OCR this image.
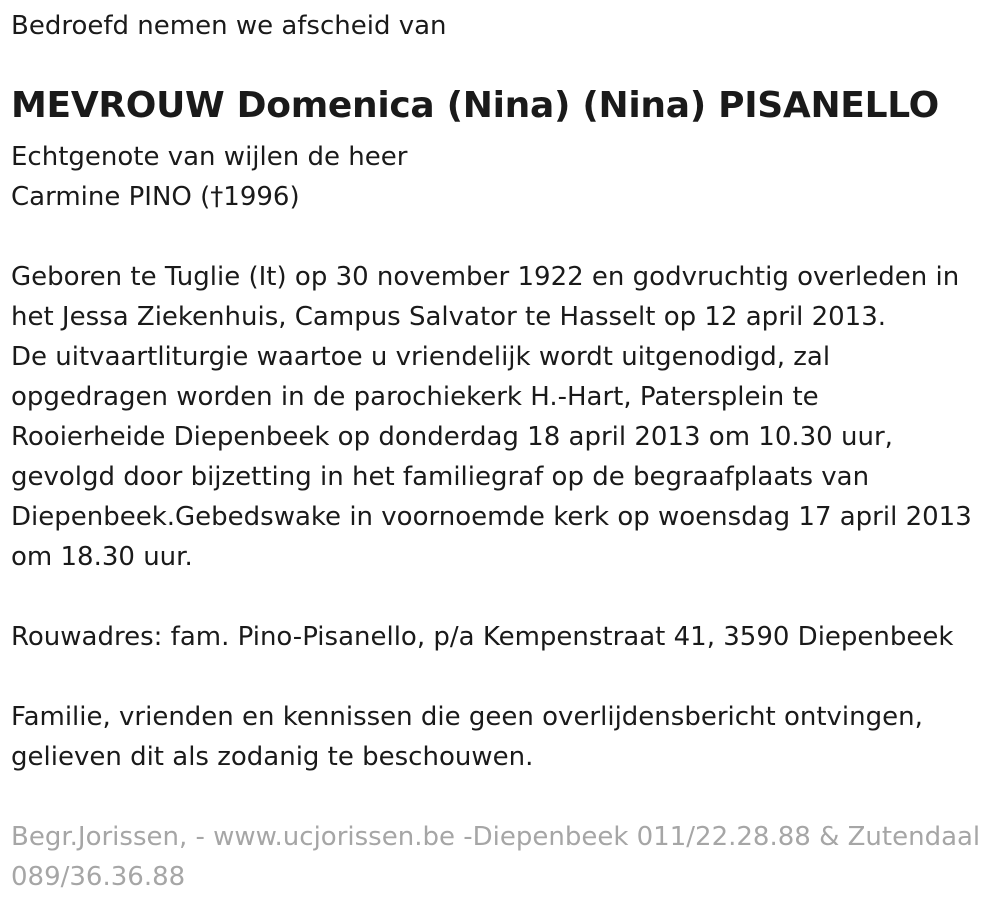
Bedroefd nemen we afscheid van
MEVROUW Domenica (Nina) (Nina) PISANELLO
Echtgenote van wijlen de heer
Carmine PINO (†1996)

Geboren te Tuglie (It) op 30 november 1922 en godvruchtig overleden in

het Jessa Ziekenhuis, Campus Salvator te Hasselt op 12 april 2013.

De uitvaartliturgie waartoe u vriendelijk wordt uitgenodigd, zal

opgedragen worden in de parochiekerk H.-Hart, Patersplein te

Rooierheide Diepenbeek op donderdag 18 april 2013 om 10.30 uur,

gevolgd door bijzetting in het familiegraf op de begraafplaats van

Diepenbeek.Gebedswake in voornoemde kerk op woensdag 17 april 2013

om 18.30 uur.

Rouwadres: fam. Pino-Pisanello, p/a Kempenstraat 41, 3590 Diepenbeek
Familie, vrienden en kennissen die geen overlijdensbericht ontvingen,
gelieven dit als zodanig te beschouwen.
Begr.Jorissen, - www.ucjorissen.be -Diepenbeek 011/22.28.88 & Zutendaal
089/36.36.88
